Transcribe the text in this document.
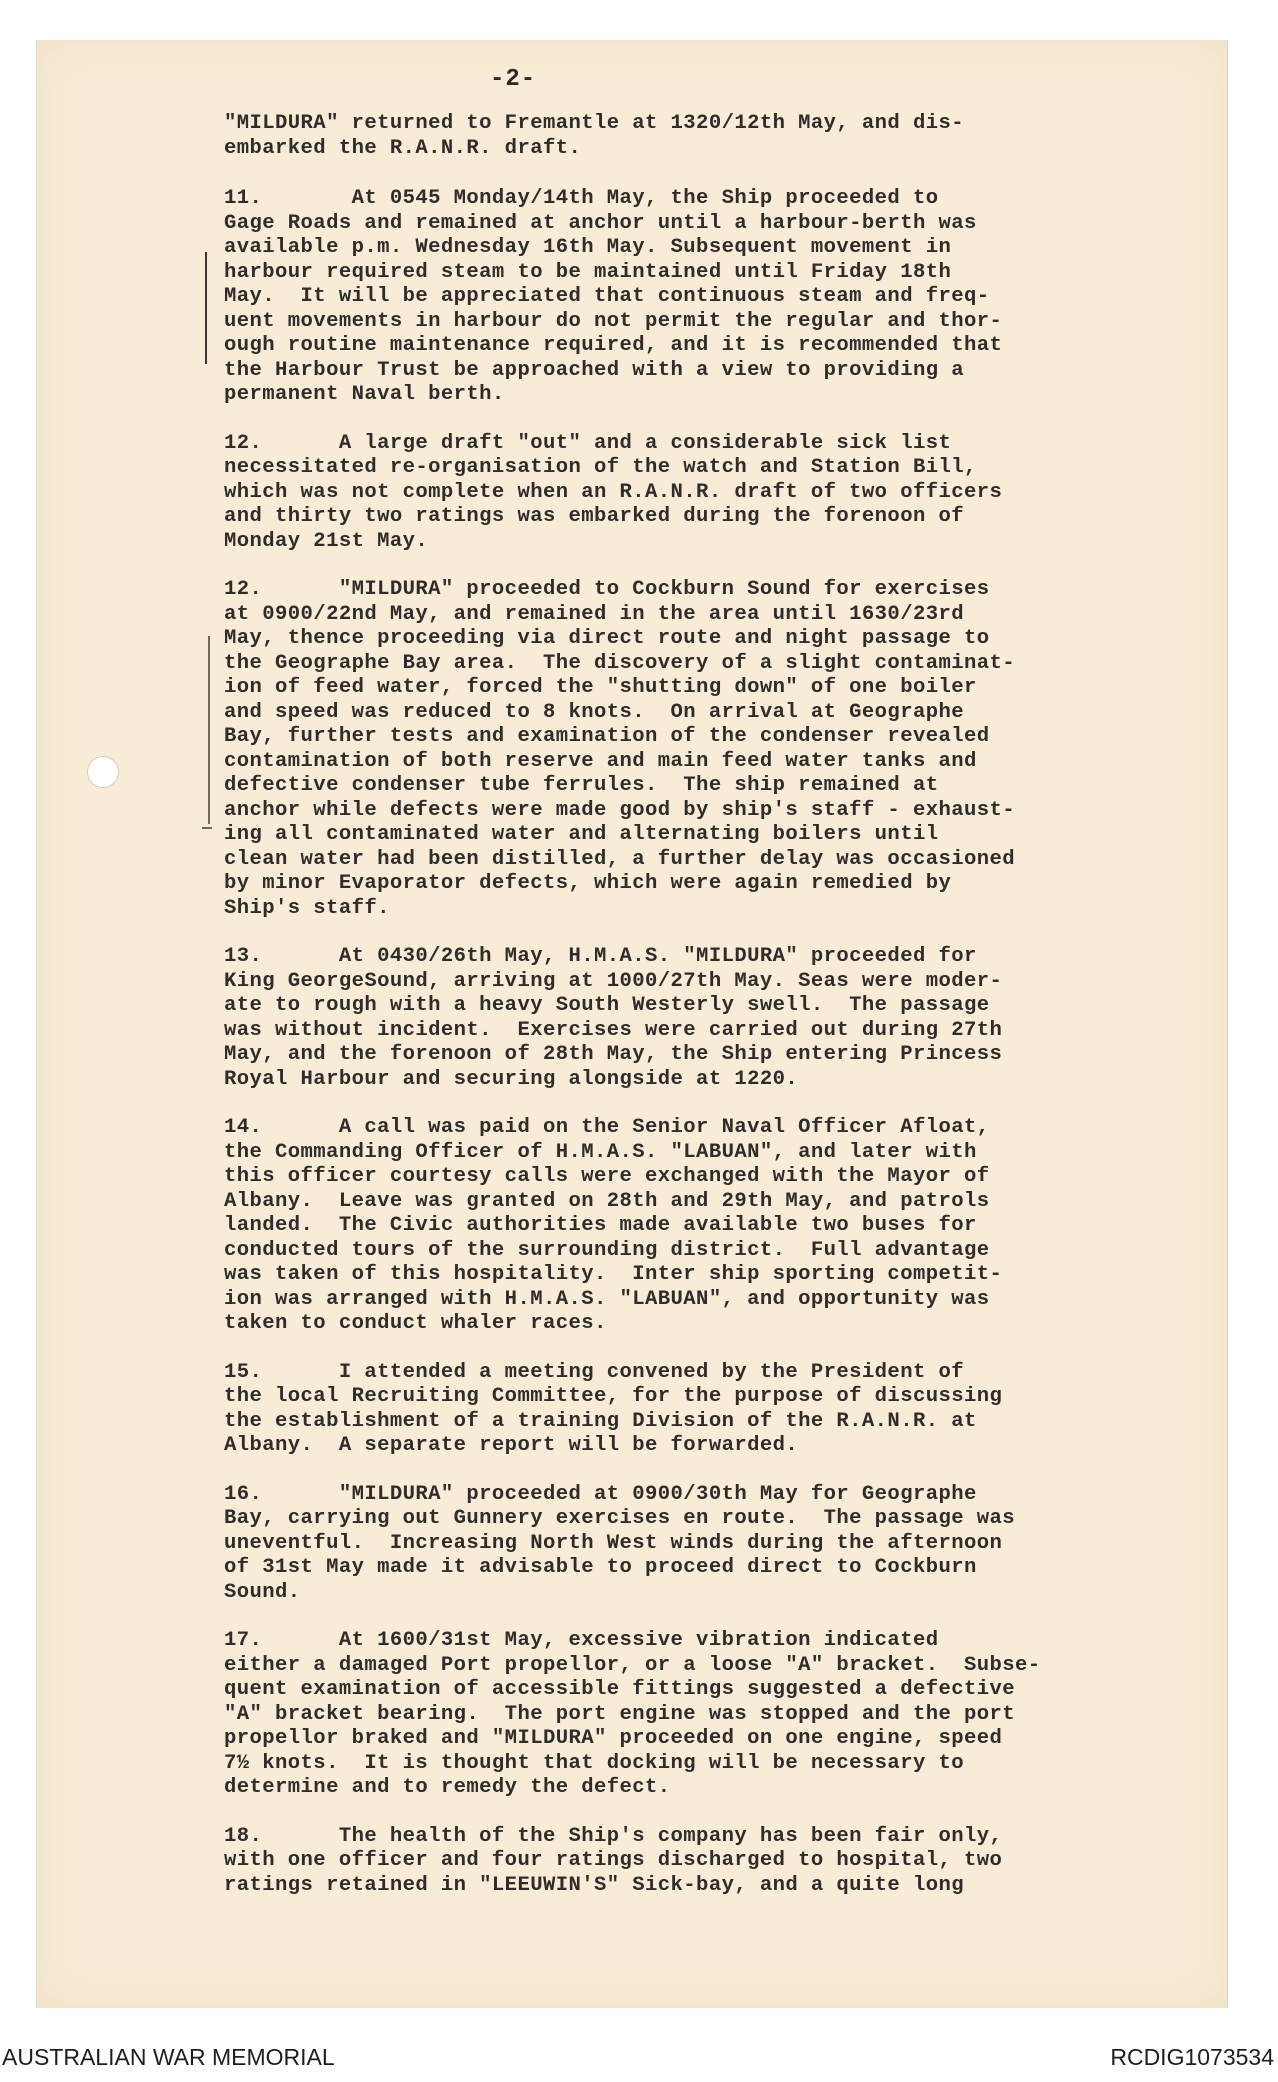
-2-
"MILDURA" returned to Fremantle at 1320/12th May, and dis-
embarked the R.A.N.R. draft.
11.       At 0545 Monday/14th May, the Ship proceeded to
Gage Roads and remained at anchor until a harbour-berth was
available p.m. Wednesday 16th May. Subsequent movement in
harbour required steam to be maintained until Friday 18th
May.  It will be appreciated that continuous steam and freq-
uent movements in harbour do not permit the regular and thor-
ough routine maintenance required, and it is recommended that
the Harbour Trust be approached with a view to providing a
permanent Naval berth.
12.      A large draft "out" and a considerable sick list
necessitated re-organisation of the watch and Station Bill,
which was not complete when an R.A.N.R. draft of two officers
and thirty two ratings was embarked during the forenoon of
Monday 21st May.
12.      "MILDURA" proceeded to Cockburn Sound for exercises
at 0900/22nd May, and remained in the area until 1630/23rd
May, thence proceeding via direct route and night passage to
the Geographe Bay area.  The discovery of a slight contaminat-
ion of feed water, forced the "shutting down" of one boiler
and speed was reduced to 8 knots.  On arrival at Geographe
Bay, further tests and examination of the condenser revealed
contamination of both reserve and main feed water tanks and
defective condenser tube ferrules.  The ship remained at
anchor while defects were made good by ship's staff - exhaust-
ing all contaminated water and alternating boilers until
clean water had been distilled, a further delay was occasioned
by minor Evaporator defects, which were again remedied by
Ship's staff.
13.      At 0430/26th May, H.M.A.S. "MILDURA" proceeded for
King GeorgeSound, arriving at 1000/27th May. Seas were moder-
ate to rough with a heavy South Westerly swell.  The passage
was without incident.  Exercises were carried out during 27th
May, and the forenoon of 28th May, the Ship entering Princess
Royal Harbour and securing alongside at 1220.
14.      A call was paid on the Senior Naval Officer Afloat,
the Commanding Officer of H.M.A.S. "LABUAN", and later with
this officer courtesy calls were exchanged with the Mayor of
Albany.  Leave was granted on 28th and 29th May, and patrols
landed.  The Civic authorities made available two buses for
conducted tours of the surrounding district.  Full advantage
was taken of this hospitality.  Inter ship sporting competit-
ion was arranged with H.M.A.S. "LABUAN", and opportunity was
taken to conduct whaler races.
15.      I attended a meeting convened by the President of
the local Recruiting Committee, for the purpose of discussing
the establishment of a training Division of the R.A.N.R. at
Albany.  A separate report will be forwarded.
16.      "MILDURA" proceeded at 0900/30th May for Geographe
Bay, carrying out Gunnery exercises en route.  The passage was
uneventful.  Increasing North West winds during the afternoon
of 31st May made it advisable to proceed direct to Cockburn
Sound.
17.      At 1600/31st May, excessive vibration indicated
either a damaged Port propellor, or a loose "A" bracket.  Subse-
quent examination of accessible fittings suggested a defective
"A" bracket bearing.  The port engine was stopped and the port
propellor braked and "MILDURA" proceeded on one engine, speed
7½ knots.  It is thought that docking will be necessary to
determine and to remedy the defect.
18.      The health of the Ship's company has been fair only,
with one officer and four ratings discharged to hospital, two
ratings retained in "LEEUWIN'S" Sick-bay, and a quite long
AUSTRALIAN WAR MEMORIAL	RCDIG1073534
